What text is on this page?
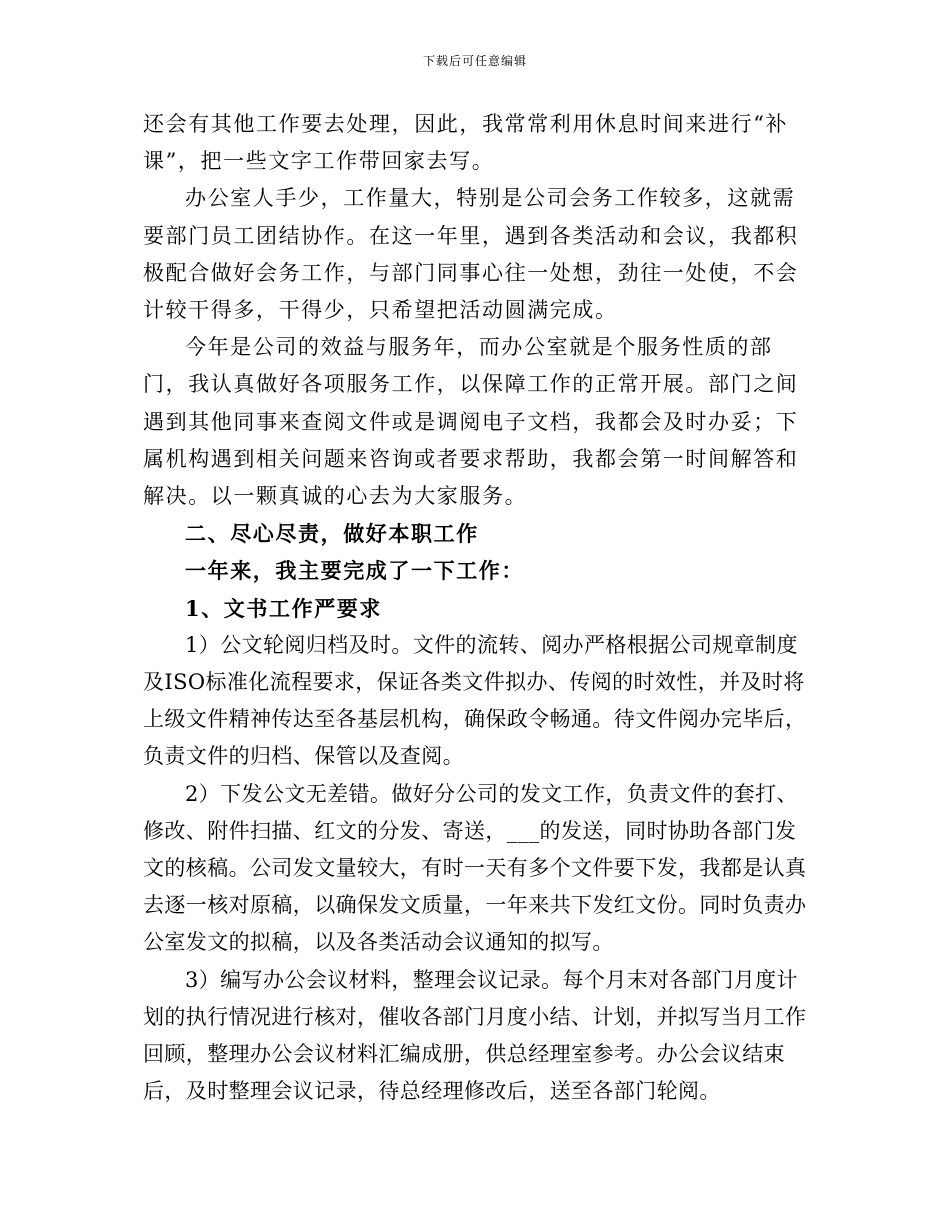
下载后可任意编辑

还会有其他工作要去处理，因此，我常常利用休息时间来进行“补课”，把一些文字工作带回家去写。

办公室人手少，工作量大，特别是公司会务工作较多，这就需要部门员工团结协作。在这一年里，遇到各类活动和会议，我都积极配合做好会务工作，与部门同事心往一处想，劲往一处使，不会计较干得多，干得少，只希望把活动圆满完成。

今年是公司的效益与服务年，而办公室就是个服务性质的部门，我认真做好各项服务工作，以保障工作的正常开展。部门之间遇到其他同事来查阅文件或是调阅电子文档，我都会及时办妥；下属机构遇到相关问题来咨询或者要求帮助，我都会第一时间解答和解决。以一颗真诚的心去为大家服务。

二、尽心尽责，做好本职工作

一年来，我主要完成了一下工作：

1、文书工作严要求

1）公文轮阅归档及时。文件的流转、阅办严格根据公司规章制度及ISO标准化流程要求，保证各类文件拟办、传阅的时效性，并及时将上级文件精神传达至各基层机构，确保政令畅通。待文件阅办完毕后，负责文件的归档、保管以及查阅。

2）下发公文无差错。做好分公司的发文工作，负责文件的套打、修改、附件扫描、红文的分发、寄送，___的发送，同时协助各部门发文的核稿。公司发文量较大，有时一天有多个文件要下发，我都是认真去逐一核对原稿，以确保发文质量，一年来共下发红文份。同时负责办公室发文的拟稿，以及各类活动会议通知的拟写。

3）编写办公会议材料，整理会议记录。每个月末对各部门月度计划的执行情况进行核对，催收各部门月度小结、计划，并拟写当月工作回顾，整理办公会议材料汇编成册，供总经理室参考。办公会议结束后，及时整理会议记录，待总经理修改后，送至各部门轮阅。
